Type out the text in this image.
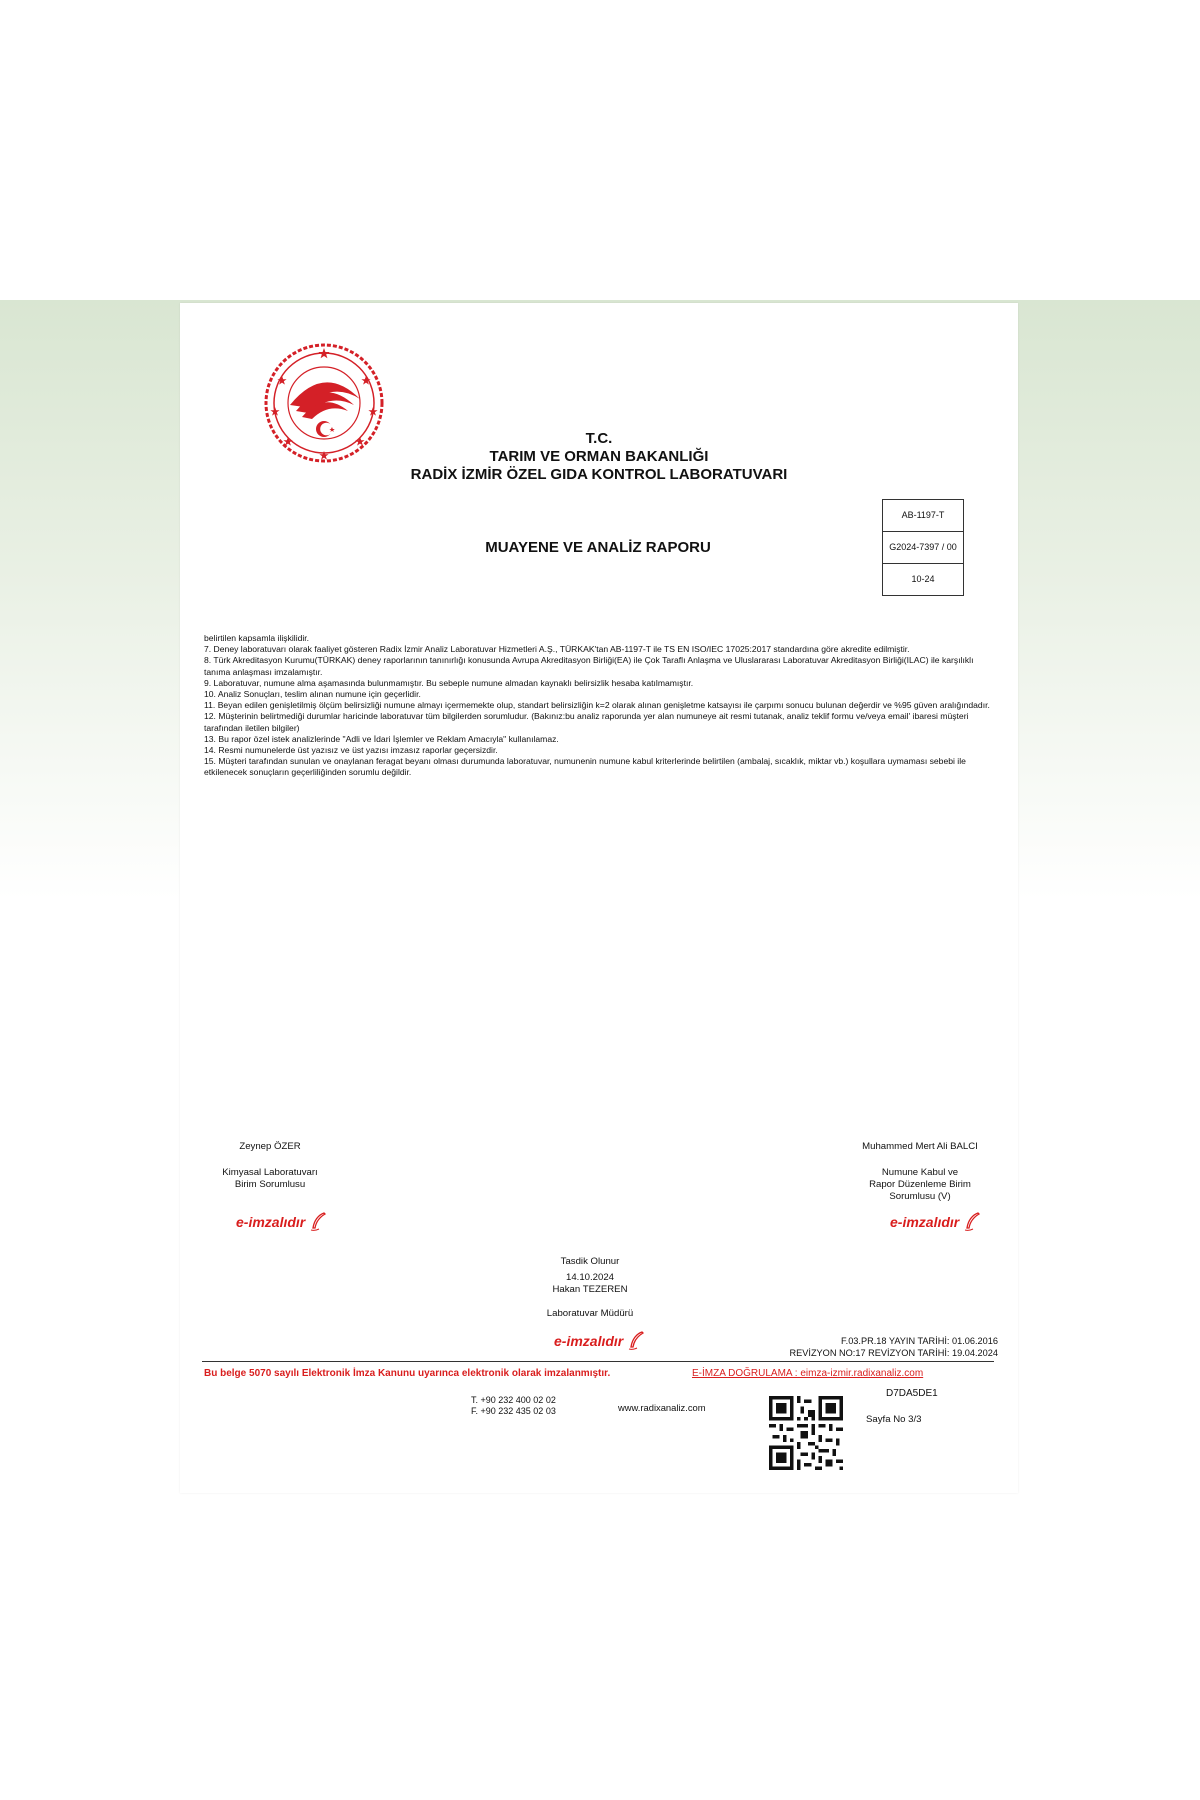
T.C.
TARIM VE ORMAN BAKANLIĞI
RADİX İZMİR ÖZEL GIDA KONTROL LABORATUVARI
MUAYENE VE ANALİZ RAPORU
AB-1197-T
G2024-7397 / 00
10-24

belirtilen kapsamla ilişkilidir.

7. Deney laboratuvarı olarak faaliyet gösteren Radix İzmir Analiz Laboratuvar Hizmetleri A.Ş., TÜRKAK'tan AB-1197-T ile TS EN ISO/IEC 17025:2017 standardına göre akredite edilmiştir.

8. Türk Akreditasyon Kurumu(TÜRKAK) deney raporlarının tanınırlığı konusunda Avrupa Akreditasyon Birliği(EA) ile Çok Taraflı Anlaşma ve Uluslararası Laboratuvar Akreditasyon Birliği(ILAC) ile karşılıklı tanıma anlaşması imzalamıştır.

9. Laboratuvar, numune alma aşamasında bulunmamıştır. Bu sebeple numune almadan kaynaklı belirsizlik hesaba katılmamıştır.

10. Analiz Sonuçları, teslim alınan numune için geçerlidir.

11. Beyan edilen genişletilmiş ölçüm belirsizliği numune almayı içermemekte olup, standart belirsizliğin k=2 olarak alınan genişletme katsayısı ile çarpımı sonucu bulunan değerdir ve %95 güven aralığındadır.

12. Müşterinin belirtmediği durumlar haricinde laboratuvar tüm bilgilerden sorumludur. (Bakınız:bu analiz raporunda yer alan numuneye ait resmi tutanak, analiz teklif formu ve/veya email' ibaresi müşteri tarafından iletilen bilgiler)

13. Bu rapor özel istek analizlerinde "Adli ve İdari İşlemler ve Reklam Amacıyla" kullanılamaz.

14. Resmi numunelerde üst yazısız ve üst yazısı imzasız raporlar geçersizdir.

15. Müşteri tarafından sunulan ve onaylanan feragat beyanı olması durumunda laboratuvar, numunenin numune kabul kriterlerinde belirtilen (ambalaj, sıcaklık, miktar vb.) koşullara uymaması sebebi ile etkilenecek sonuçların geçerliliğinden sorumlu değildir.

Zeynep ÖZER
Kimyasal Laboratuvarı
Birim Sorumlusu
e-imzalıdır
Muhammed Mert Ali BALCI
Numune Kabul ve
Rapor Düzenleme Birim
Sorumlusu (V)
e-imzalıdır
Tasdik Olunur
14.10.2024
Hakan TEZEREN
Laboratuvar Müdürü
e-imzalıdır	F.03.PR.18 YAYIN TARİHİ: 01.06.2016
REVİZYON NO:17 REVİZYON TARİHİ: 19.04.2024
Bu belge 5070 sayılı Elektronik İmza Kanunu uyarınca elektronik olarak imzalanmıştır.	E-İMZA DOĞRULAMA : eimza-izmir.radixanaliz.com
D7DA5DE1
T. +90 232 400 02 02
F. +90 232 435 02 03	www.radixanaliz.com
Sayfa No 3/3
